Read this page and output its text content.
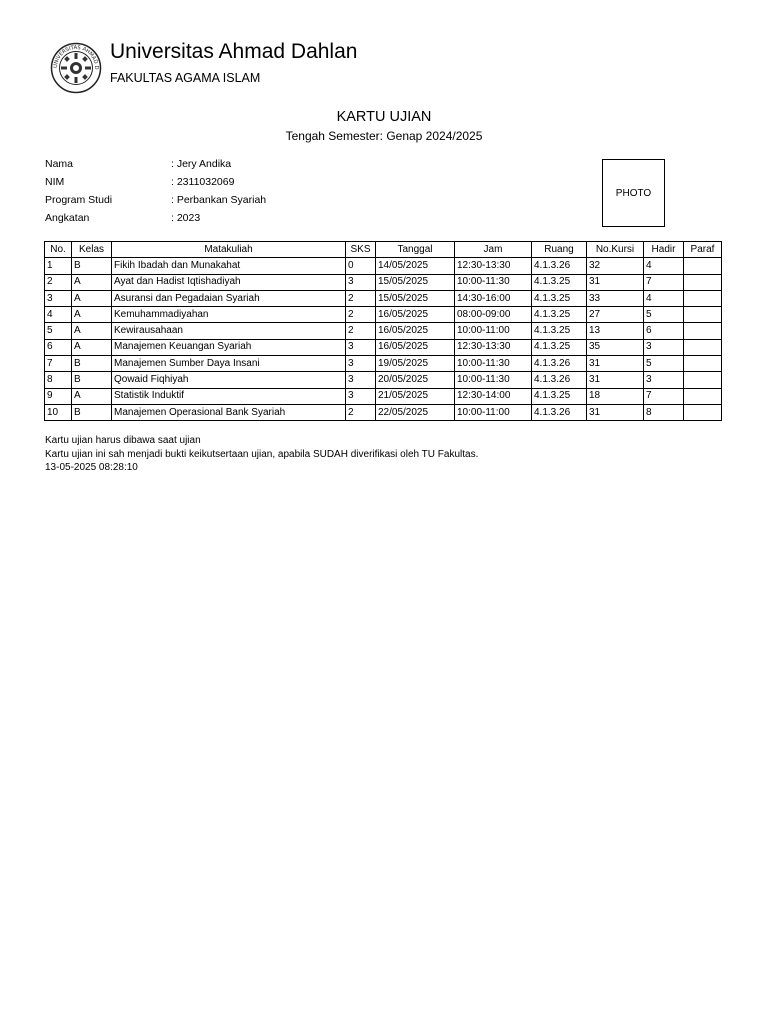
UNIVERSITAS AHMAD D
Universitas Ahmad Dahlan
FAKULTAS AGAMA ISLAM
KARTU UJIAN
Tengah Semester: Genap 2024/2025
Nama	: Jery Andika
NIM	: 2311032069
Program Studi	: Perbankan Syariah
Angkatan	: 2023
PHOTO
No.	Kelas	Matakuliah	SKS	Tanggal	Jam	Ruang	No.Kursi	Hadir	Paraf
1	B	Fikih Ibadah dan Munakahat	0	14/05/2025	12:30-13:30	4.1.3.26	32	4	
2	A	Ayat dan Hadist Iqtishadiyah	3	15/05/2025	10:00-11:30	4.1.3.25	31	7	
3	A	Asuransi dan Pegadaian Syariah	2	15/05/2025	14:30-16:00	4.1.3.25	33	4	
4	A	Kemuhammadiyahan	2	16/05/2025	08:00-09:00	4.1.3.25	27	5	
5	A	Kewirausahaan	2	16/05/2025	10:00-11:00	4.1.3.25	13	6	
6	A	Manajemen Keuangan Syariah	3	16/05/2025	12:30-13:30	4.1.3.25	35	3	
7	B	Manajemen Sumber Daya Insani	3	19/05/2025	10:00-11:30	4.1.3.26	31	5	
8	B	Qowaid Fiqhiyah	3	20/05/2025	10:00-11:30	4.1.3.26	31	3	
9	A	Statistik Induktif	3	21/05/2025	12:30-14:00	4.1.3.25	18	7	
10	B	Manajemen Operasional Bank Syariah	2	22/05/2025	10:00-11:00	4.1.3.26	31	8	
Kartu ujian harus dibawa saat ujian
Kartu ujian ini sah menjadi bukti keikutsertaan ujian, apabila SUDAH diverifikasi oleh TU Fakultas.
13-05-2025 08:28:10
